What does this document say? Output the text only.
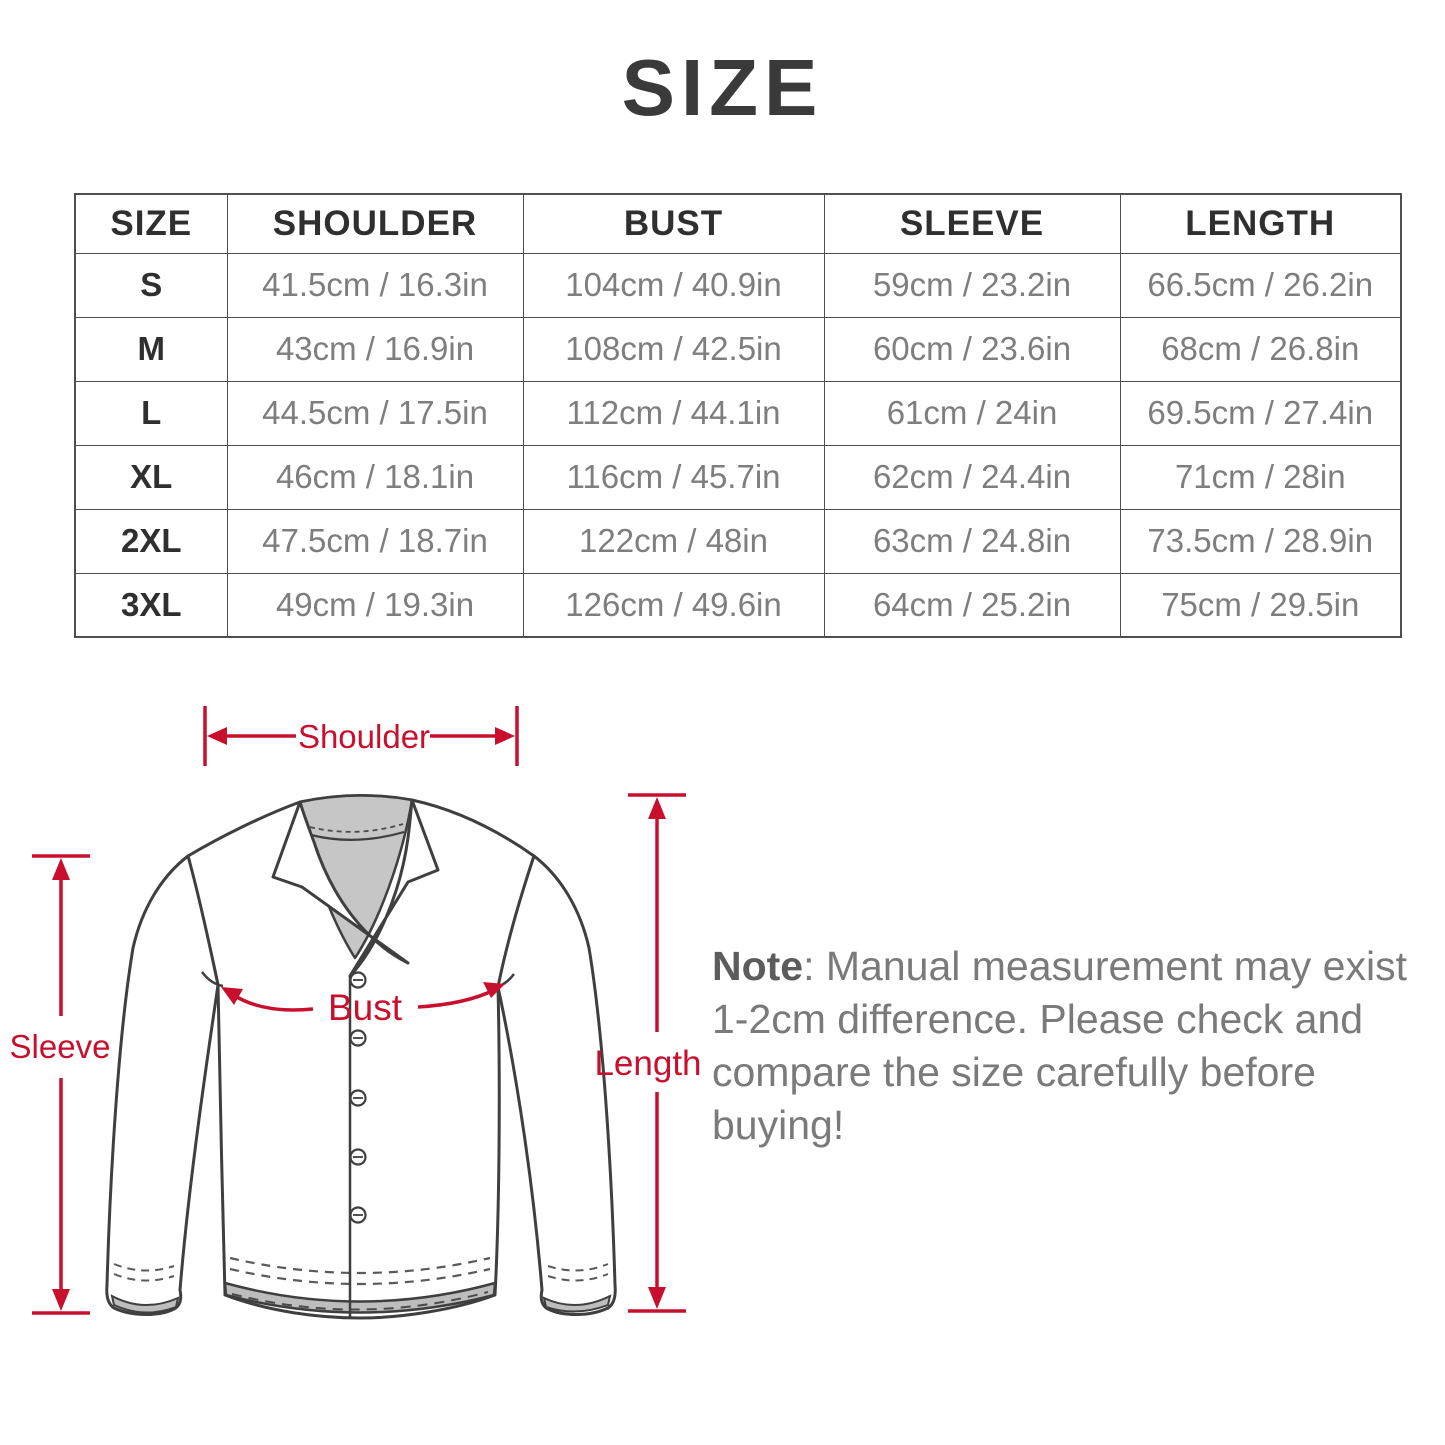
SIZE
SIZE	SHOULDER	BUST	SLEEVE	LENGTH
S	41.5cm / 16.3in	104cm / 40.9in	59cm / 23.2in	66.5cm / 26.2in
M	43cm / 16.9in	108cm / 42.5in	60cm / 23.6in	68cm / 26.8in
L	44.5cm / 17.5in	112cm / 44.1in	61cm / 24in	69.5cm / 27.4in
XL	46cm / 18.1in	116cm / 45.7in	62cm / 24.4in	71cm / 28in
2XL	47.5cm / 18.7in	122cm / 48in	63cm / 24.8in	73.5cm / 28.9in
3XL	49cm / 19.3in	126cm / 49.6in	64cm / 25.2in	75cm / 29.5in
Shoulder
Sleeve
Bust
Length
Note: Manual measurement may exist 1-2cm difference. Please check and compare the size carefully before buying!
